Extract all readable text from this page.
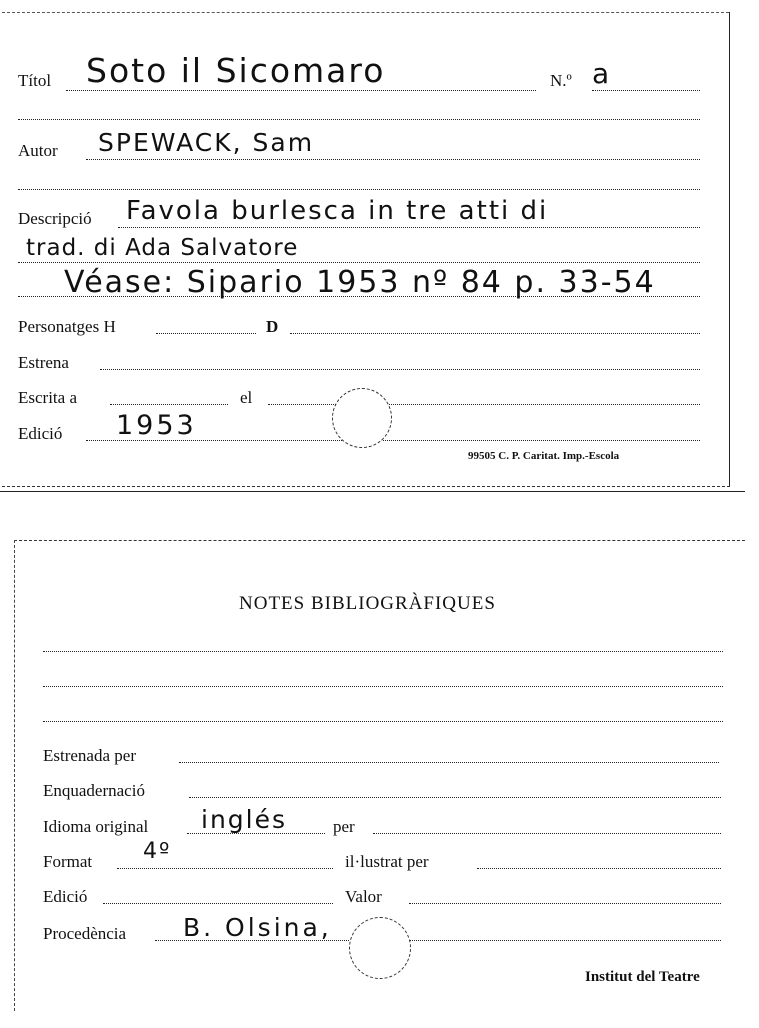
Títol Soto il Sicomaro	N.º a
Autor SPEWACK, Sam
Descripció Favola burlesca in tre atti di
trad. di Ada Salvatore
Véase: Sipario 1953 nº 84 p. 33-54
Personatges H	D
Estrena
Escrita a	el
Edició 1953
99505 C. P. Caritat. Imp.-Escola
NOTES BIBLIOGRÀFIQUES
Estrenada per
Enquadernació
Idioma original inglés	per
Format 4º	il·lustrat per
Edició	Valor
Procedència B. Olsina,
Institut del Teatre
